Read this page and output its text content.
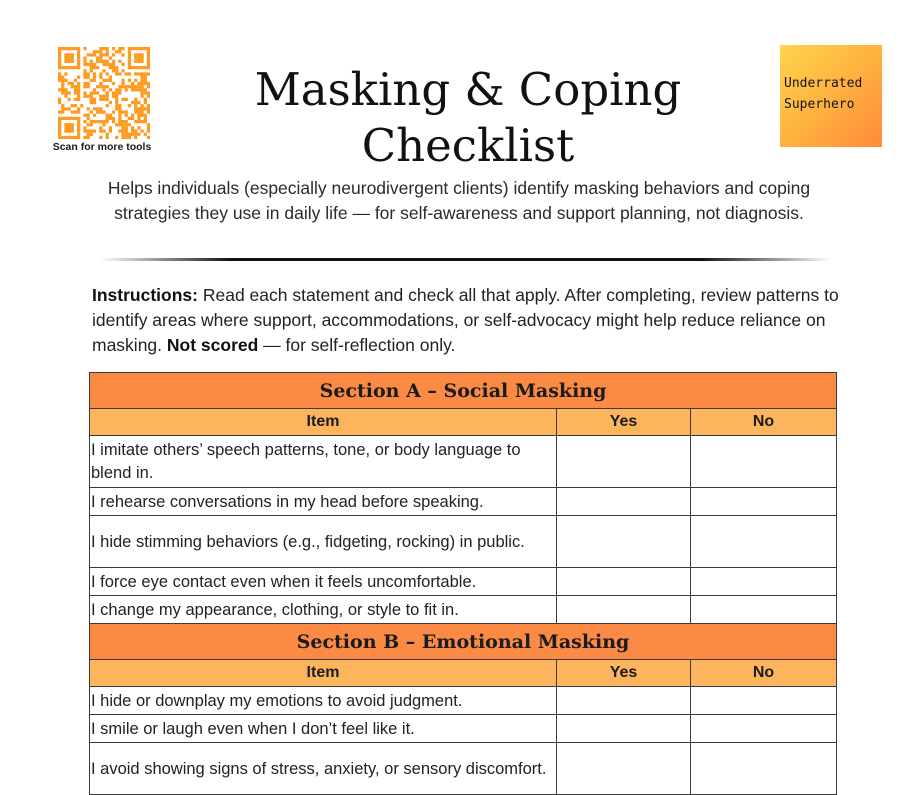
Scan for more tools
Underrated
Superhero
Masking & Coping
Checklist
Helps individuals (especially neurodivergent clients) identify masking behaviors and coping strategies they use in daily life — for self-awareness and support planning, not diagnosis.
Instructions: Read each statement and check all that apply. After completing, review patterns to identify areas where support, accommodations, or self-advocacy might help reduce reliance on masking. Not scored — for self-reflection only.
Section A – Social Masking		
Item	Yes	No
I imitate others’ speech patterns, tone, or body language to blend in.		
I rehearse conversations in my head before speaking.		
I hide stimming behaviors (e.g., fidgeting, rocking) in public.		
I force eye contact even when it feels uncomfortable.		
I change my appearance, clothing, or style to fit in.		
Section B – Emotional Masking		
Item	Yes	No
I hide or downplay my emotions to avoid judgment.		
I smile or laugh even when I don’t feel like it.		
I avoid showing signs of stress, anxiety, or sensory discomfort.		
